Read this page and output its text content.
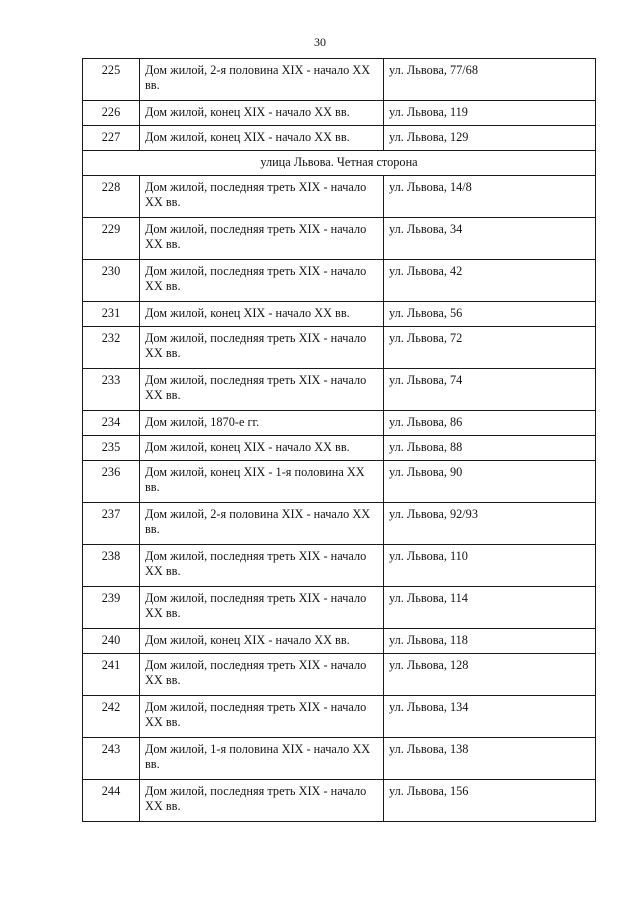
30
225	Дом жилой, 2-я половина XIX - начало XX вв.	ул. Львова, 77/68
226	Дом жилой, конец XIX - начало XX вв.	ул. Львова, 119
227	Дом жилой, конец XIX - начало XX вв.	ул. Львова, 129
улица Львова. Четная сторона		
228	Дом жилой, последняя треть XIX - начало XX вв.	ул. Львова, 14/8
229	Дом жилой, последняя треть XIX - начало XX вв.	ул. Львова, 34
230	Дом жилой, последняя треть XIX - начало XX вв.	ул. Львова, 42
231	Дом жилой, конец XIX - начало XX вв.	ул. Львова, 56
232	Дом жилой, последняя треть XIX - начало XX вв.	ул. Львова, 72
233	Дом жилой, последняя треть XIX - начало XX вв.	ул. Львова, 74
234	Дом жилой, 1870-е гг.	ул. Львова, 86
235	Дом жилой, конец XIX - начало XX вв.	ул. Львова, 88
236	Дом жилой, конец XIX - 1-я половина XX вв.	ул. Львова, 90
237	Дом жилой, 2-я половина XIX - начало XX вв.	ул. Львова, 92/93
238	Дом жилой, последняя треть XIX - начало XX вв.	ул. Львова, 110
239	Дом жилой, последняя треть XIX - начало XX вв.	ул. Львова, 114
240	Дом жилой, конец XIX - начало XX вв.	ул. Львова, 118
241	Дом жилой, последняя треть XIX - начало XX вв.	ул. Львова, 128
242	Дом жилой, последняя треть XIX - начало XX вв.	ул. Львова, 134
243	Дом жилой, 1-я половина XIX - начало XX вв.	ул. Львова, 138
244	Дом жилой, последняя треть XIX - начало XX вв.	ул. Львова, 156
